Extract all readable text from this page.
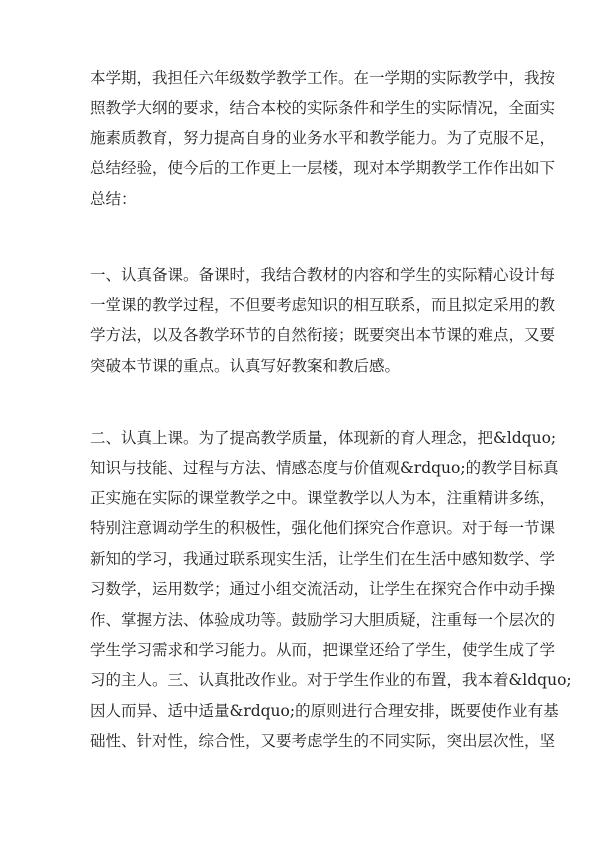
本学期，我担任六年级数学教学工作。在一学期的实际教学中，我按
照教学大纲的要求，结合本校的实际条件和学生的实际情况，全面实
施素质教育，努力提高自身的业务水平和教学能力。为了克服不足，
总结经验，使今后的工作更上一层楼，现对本学期教学工作作出如下
总结：
一、认真备课。备课时，我结合教材的内容和学生的实际精心设计每
一堂课的教学过程，不但要考虑知识的相互联系，而且拟定采用的教
学方法，以及各教学环节的自然衔接；既要突出本节课的难点，又要
突破本节课的重点。认真写好教案和教后感。
二、认真上课。为了提高教学质量，体现新的育人理念，把&ldquo;
知识与技能、过程与方法、情感态度与价值观&rdquo;的教学目标真
正实施在实际的课堂教学之中。课堂教学以人为本，注重精讲多练，
特别注意调动学生的积极性，强化他们探究合作意识。对于每一节课
新知的学习，我通过联系现实生活，让学生们在生活中感知数学、学
习数学，运用数学；通过小组交流活动，让学生在探究合作中动手操
作、掌握方法、体验成功等。鼓励学习大胆质疑，注重每一个层次的
学生学习需求和学习能力。从而，把课堂还给了学生，使学生成了学
习的主人。三、认真批改作业。对于学生作业的布置，我本着&ldquo;
因人而异、适中适量&rdquo;的原则进行合理安排，既要使作业有基
础性、针对性，综合性，又要考虑学生的不同实际，突出层次性，坚
